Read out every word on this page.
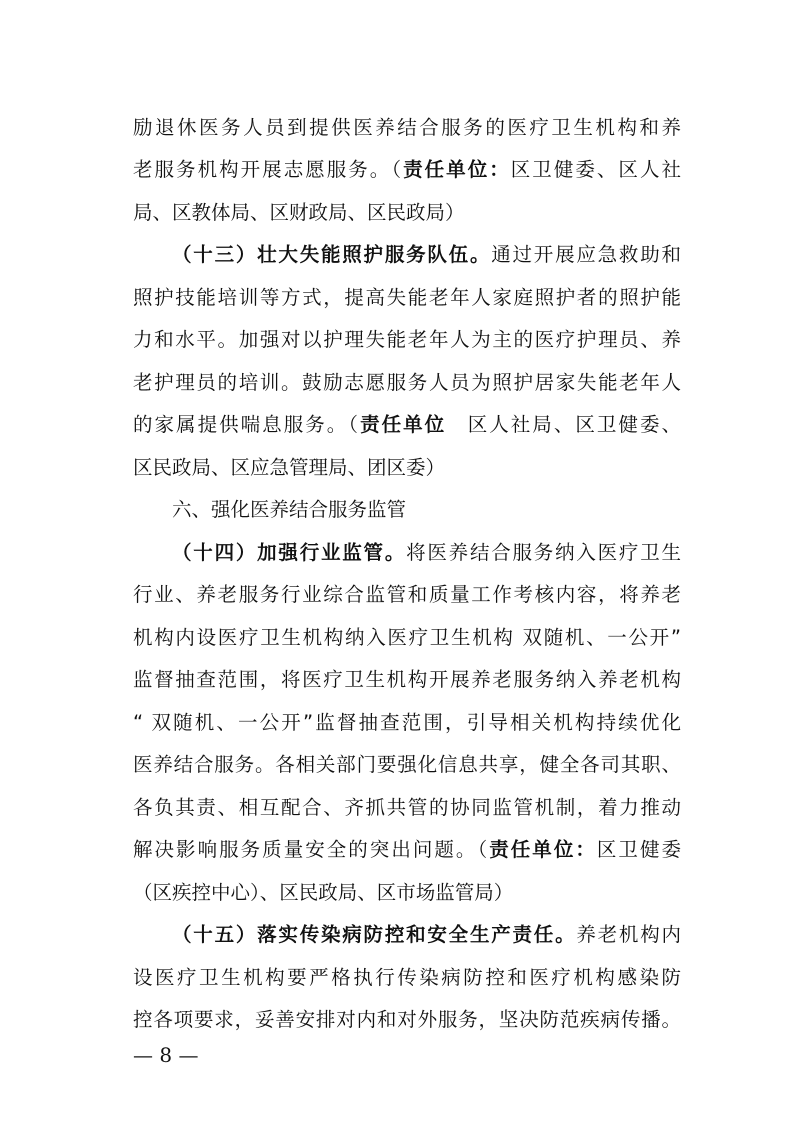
励退休医务人员到提供医养结合服务的医疗卫生机构和养
老服务机构开展志愿服务。（责任单位：区卫健委、区人社
局、区教体局、区财政局、区民政局）
（十三）壮大失能照护服务队伍。通过开展应急救助和
照护技能培训等方式，提高失能老年人家庭照护者的照护能
力和水平。加强对以护理失能老年人为主的医疗护理员、养
老护理员的培训。鼓励志愿服务人员为照护居家失能老年人
的家属提供喘息服务。（责任单位　区人社局、区卫健委、
区民政局、区应急管理局、团区委）
六、强化医养结合服务监管
（十四）加强行业监管。将医养结合服务纳入医疗卫生
行业、养老服务行业综合监管和质量工作考核内容，将养老
机构内设医疗卫生机构纳入医疗卫生机构 双随机、一公开”
监督抽查范围，将医疗卫生机构开展养老服务纳入养老机构
“ 双随机、一公开”监督抽查范围，引导相关机构持续优化
医养结合服务。各相关部门要强化信息共享，健全各司其职、
各负其责、相互配合、齐抓共管的协同监管机制，着力推动
解决影响服务质量安全的突出问题。（责任单位：区卫健委
（区疾控中心）、区民政局、区市场监管局）
（十五）落实传染病防控和安全生产责任。养老机构内
设医疗卫生机构要严格执行传染病防控和医疗机构感染防
控各项要求，妥善安排对内和对外服务，坚决防范疾病传播。
— 8 —
